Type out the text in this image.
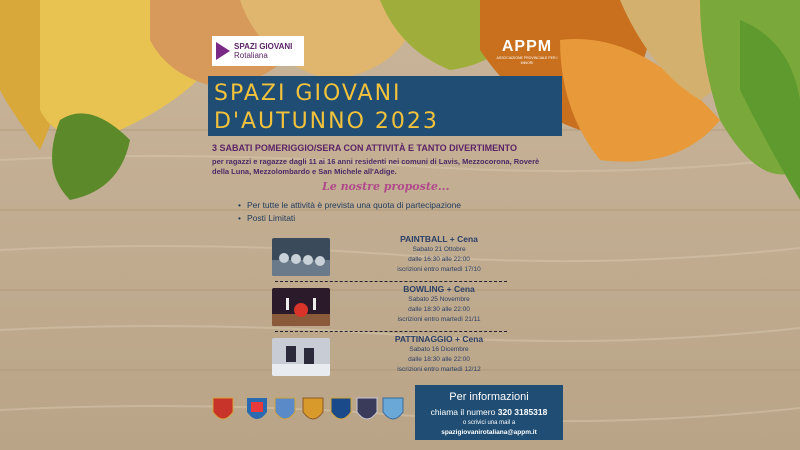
SPAZI GIOVANI
Rotaliana
APPM
ASSOCIAZIONE PROVINCIALE PER I MINORI
SPAZI GIOVANI
D'AUTUNNO 2023
3 SABATI POMERIGGIO/SERA CON ATTIVITÀ E TANTO DIVERTIMENTO
per ragazzi e ragazze dagli 11 ai 16 anni residenti nei comuni di Lavis, Mezzocorona, Roverè della Luna, Mezzolombardo e San Michele all'Adige.
Le nostre proposte...
• Per tutte le attività è prevista una quota di partecipazione
• Posti Limitati
PAINTBALL + Cena
Sabato 21 Ottobre
dalle 16:30 alle 22:00
iscrizioni entro martedì 17/10
BOWLING + Cena
Sabato 25 Novembre
dalle 18:30 alle 22:00
iscrizioni entro martedì 21/11
PATTINAGGIO + Cena
Sabato 16 Dicembre
dalle 18:30 alle 22:00
iscrizioni entro martedì 12/12
Per informazioni
chiama il numero 320 3185318
o scrivici una mail a
spazigiovanirotaliana@appm.it
